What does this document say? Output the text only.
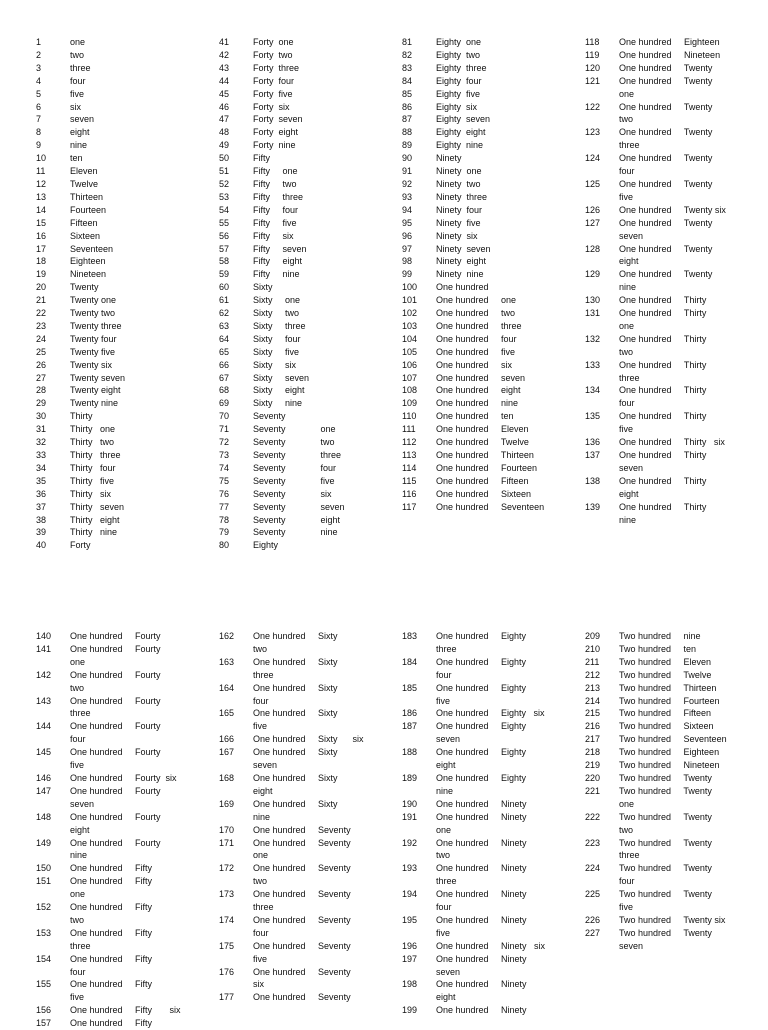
1	one
2	two
3	three
4	four
5	five
6	six
7	seven
8	eight
9	nine
10	ten
11	Eleven
12	Twelve
13	Thirteen
14	Fourteen
15	Fifteen
16	Sixteen
17	Seventeen
18	Eighteen
19	Nineteen
20	Twenty
21	Twenty one
22	Twenty two
23	Twenty three
24	Twenty four
25	Twenty five
26	Twenty six
27	Twenty seven
28	Twenty eight
29	Twenty nine
30	Thirty
31	Thirty   one
32	Thirty   two
33	Thirty   three
34	Thirty   four
35	Thirty   five
36	Thirty   six
37	Thirty   seven
38	Thirty   eight
39	Thirty   nine
40	Forty
41	Forty  one
42	Forty  two
43	Forty  three
44	Forty  four
45	Forty  five
46	Forty  six
47	Forty  seven
48	Forty  eight
49	Forty  nine
50	Fifty
51	Fifty     one
52	Fifty     two
53	Fifty     three
54	Fifty     four
55	Fifty     five
56	Fifty     six
57	Fifty     seven
58	Fifty     eight
59	Fifty     nine
60	Sixty
61	Sixty     one
62	Sixty     two
63	Sixty     three
64	Sixty     four
65	Sixty     five
66	Sixty     six
67	Sixty     seven
68	Sixty     eight
69	Sixty     nine
70	Seventy
71	Seventy              one
72	Seventy              two
73	Seventy              three
74	Seventy              four
75	Seventy              five
76	Seventy              six
77	Seventy              seven
78	Seventy              eight
79	Seventy              nine
80	Eighty
81	Eighty  one
82	Eighty  two
83	Eighty  three
84	Eighty  four
85	Eighty  five
86	Eighty  six
87	Eighty  seven
88	Eighty  eight
89	Eighty  nine
90	Ninety
91	Ninety  one
92	Ninety  two
93	Ninety  three
94	Ninety  four
95	Ninety  five
96	Ninety  six
97	Ninety  seven
98	Ninety  eight
99	Ninety  nine
100	One hundred
101	One hundred     one
102	One hundred     two
103	One hundred     three
104	One hundred     four
105	One hundred     five
106	One hundred     six
107	One hundred     seven
108	One hundred     eight
109	One hundred     nine
110	One hundred     ten
111	One hundred     Eleven
112	One hundred     Twelve
113	One hundred     Thirteen
114	One hundred     Fourteen
115	One hundred     Fifteen
116	One hundred     Sixteen
117	One hundred     Seventeen
118	One hundred     Eighteen
119	One hundred     Nineteen
120	One hundred     Twenty
121	One hundred     Twenty
one
122	One hundred     Twenty
two
123	One hundred     Twenty
three
124	One hundred     Twenty
four
125	One hundred     Twenty
five
126	One hundred     Twenty six
127	One hundred     Twenty
seven
128	One hundred     Twenty
eight
129	One hundred     Twenty
nine
130	One hundred     Thirty
131	One hundred     Thirty
one
132	One hundred     Thirty
two
133	One hundred     Thirty
three
134	One hundred     Thirty
four
135	One hundred     Thirty
five
136	One hundred     Thirty   six
137	One hundred     Thirty
seven
138	One hundred     Thirty
eight
139	One hundred     Thirty
nine
140	One hundred     Fourty
141	One hundred     Fourty
one
142	One hundred     Fourty
two
143	One hundred     Fourty
three
144	One hundred     Fourty
four
145	One hundred     Fourty
five
146	One hundred     Fourty  six
147	One hundred     Fourty
seven
148	One hundred     Fourty
eight
149	One hundred     Fourty
nine
150	One hundred     Fifty
151	One hundred     Fifty
one
152	One hundred     Fifty
two
153	One hundred     Fifty
three
154	One hundred     Fifty
four
155	One hundred     Fifty
five
156	One hundred     Fifty       six
157	One hundred     Fifty
162	One hundred     Sixty
two
163	One hundred     Sixty
three
164	One hundred     Sixty
four
165	One hundred     Sixty
five
166	One hundred     Sixty      six
167	One hundred     Sixty
seven
168	One hundred     Sixty
eight
169	One hundred     Sixty
nine
170	One hundred     Seventy
171	One hundred     Seventy
one
172	One hundred     Seventy
two
173	One hundred     Seventy
three
174	One hundred     Seventy
four
175	One hundred     Seventy
five
176	One hundred     Seventy
six
177	One hundred     Seventy
183	One hundred     Eighty
three
184	One hundred     Eighty
four
185	One hundred     Eighty
five
186	One hundred     Eighty   six
187	One hundred     Eighty
seven
188	One hundred     Eighty
eight
189	One hundred     Eighty
nine
190	One hundred     Ninety
191	One hundred     Ninety
one
192	One hundred     Ninety
two
193	One hundred     Ninety
three
194	One hundred     Ninety
four
195	One hundred     Ninety
five
196	One hundred     Ninety   six
197	One hundred     Ninety
seven
198	One hundred     Ninety
eight
199	One hundred     Ninety
209	Two hundred     nine
210	Two hundred     ten
211	Two hundred     Eleven
212	Two hundred     Twelve
213	Two hundred     Thirteen
214	Two hundred     Fourteen
215	Two hundred     Fifteen
216	Two hundred     Sixteen
217	Two hundred     Seventeen
218	Two hundred     Eighteen
219	Two hundred     Nineteen
220	Two hundred     Twenty
221	Two hundred     Twenty
one
222	Two hundred     Twenty
two
223	Two hundred     Twenty
three
224	Two hundred     Twenty
four
225	Two hundred     Twenty
five
226	Two hundred     Twenty six
227	Two hundred     Twenty
seven
